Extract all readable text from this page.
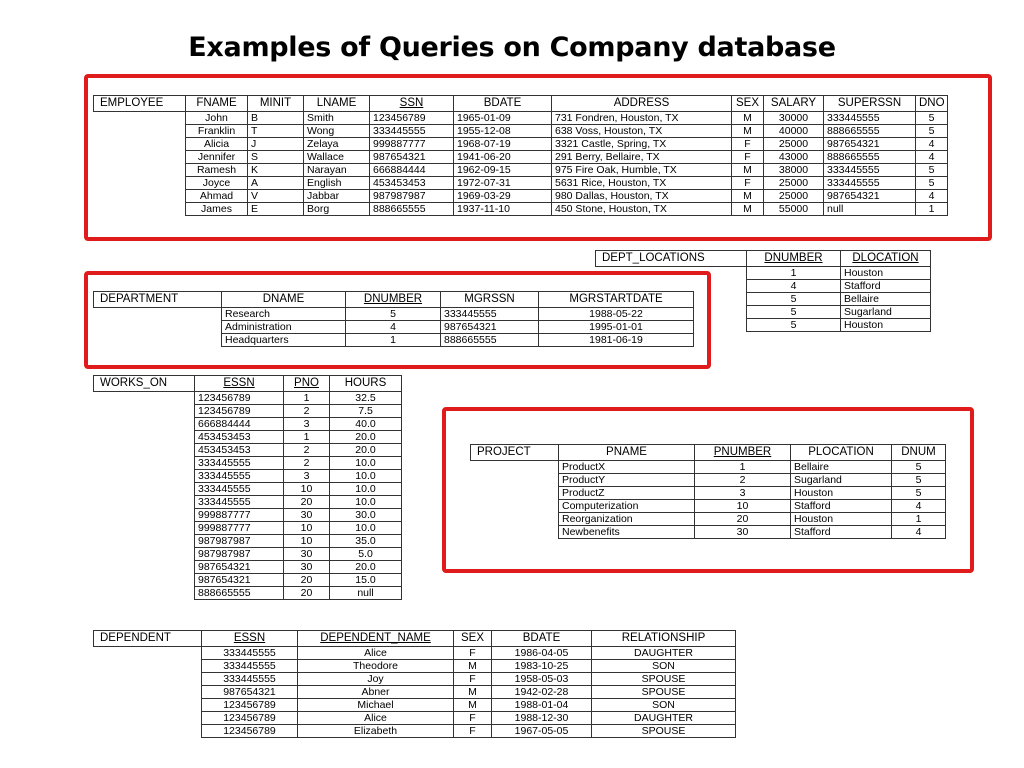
Examples of Queries on Company database
EMPLOYEE	FNAME	MINIT	LNAME	SSN	BDATE	ADDRESS	SEX	SALARY	SUPERSSN	DNO
	John	B	Smith	123456789	1965-01-09	731 Fondren, Houston, TX	M	30000	333445555	5
	Franklin	T	Wong	333445555	1955-12-08	638 Voss, Houston, TX	M	40000	888665555	5
	Alicia	J	Zelaya	999887777	1968-07-19	3321 Castle, Spring, TX	F	25000	987654321	4
	Jennifer	S	Wallace	987654321	1941-06-20	291 Berry, Bellaire, TX	F	43000	888665555	4
	Ramesh	K	Narayan	666884444	1962-09-15	975 Fire Oak, Humble, TX	M	38000	333445555	5
	Joyce	A	English	453453453	1972-07-31	5631 Rice, Houston, TX	F	25000	333445555	5
	Ahmad	V	Jabbar	987987987	1969-03-29	980 Dallas, Houston, TX	M	25000	987654321	4
	James	E	Borg	888665555	1937-11-10	450 Stone, Houston, TX	M	55000	null	1
DEPT_LOCATIONS	DNUMBER	DLOCATION
	1	Houston
	4	Stafford
	5	Bellaire
	5	Sugarland
	5	Houston
DEPARTMENT	DNAME	DNUMBER	MGRSSN	MGRSTARTDATE
	Research	5	333445555	1988-05-22
	Administration	4	987654321	1995-01-01
	Headquarters	1	888665555	1981-06-19
WORKS_ON	ESSN	PNO	HOURS
	123456789	1	32.5
	123456789	2	7.5
	666884444	3	40.0
	453453453	1	20.0
	453453453	2	20.0
	333445555	2	10.0
	333445555	3	10.0
	333445555	10	10.0
	333445555	20	10.0
	999887777	30	30.0
	999887777	10	10.0
	987987987	10	35.0
	987987987	30	5.0
	987654321	30	20.0
	987654321	20	15.0
	888665555	20	null
PROJECT	PNAME	PNUMBER	PLOCATION	DNUM
	ProductX	1	Bellaire	5
	ProductY	2	Sugarland	5
	ProductZ	3	Houston	5
	Computerization	10	Stafford	4
	Reorganization	20	Houston	1
	Newbenefits	30	Stafford	4
DEPENDENT	ESSN	DEPENDENT_NAME	SEX	BDATE	RELATIONSHIP
	333445555	Alice	F	1986-04-05	DAUGHTER
	333445555	Theodore	M	1983-10-25	SON
	333445555	Joy	F	1958-05-03	SPOUSE
	987654321	Abner	M	1942-02-28	SPOUSE
	123456789	Michael	M	1988-01-04	SON
	123456789	Alice	F	1988-12-30	DAUGHTER
	123456789	Elizabeth	F	1967-05-05	SPOUSE
